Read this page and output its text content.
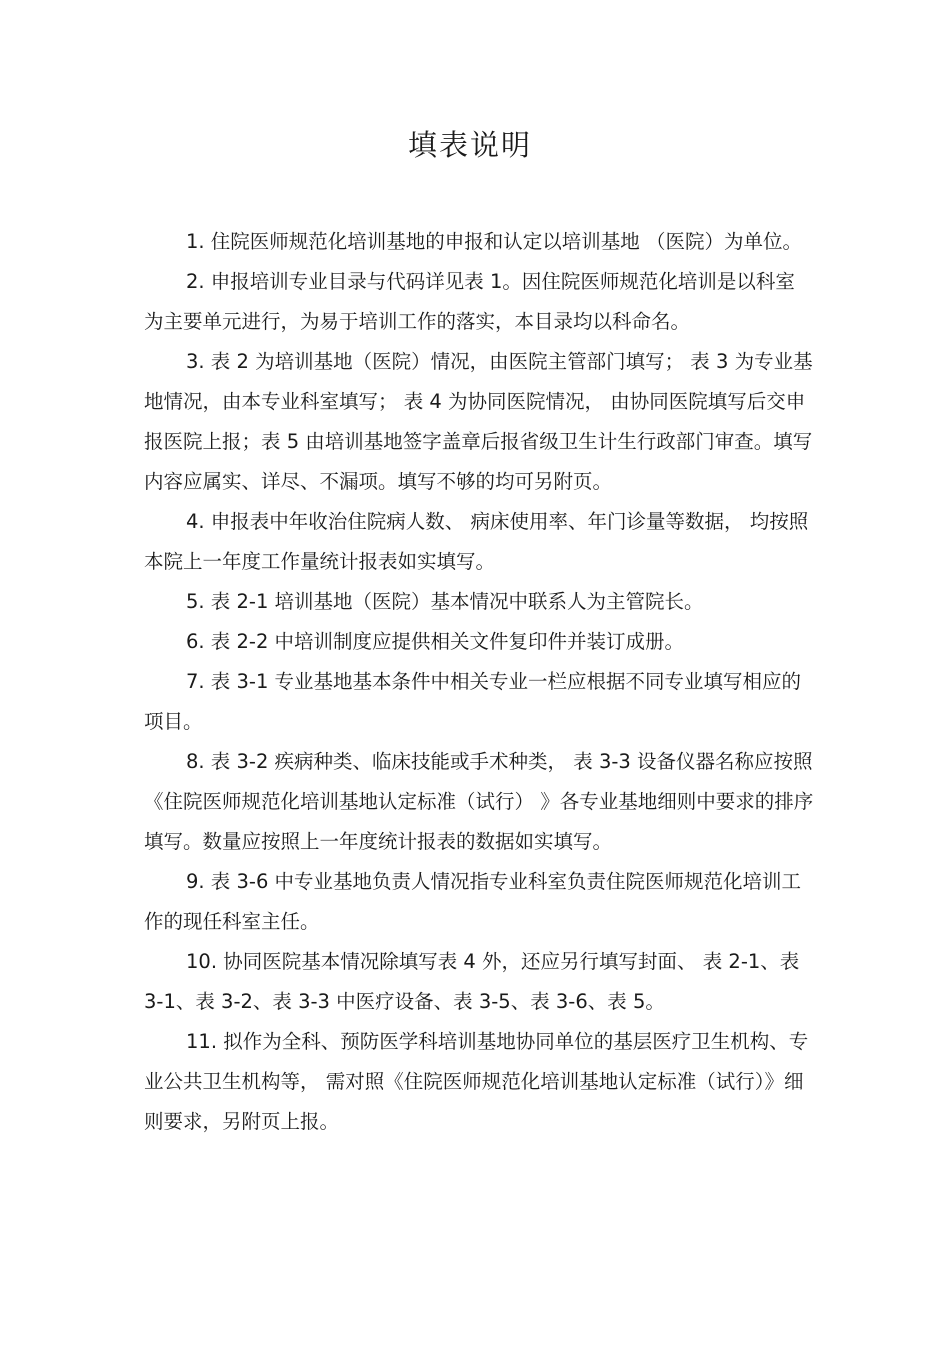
填表说明

1. 住院医师规范化培训基地的申报和认定以培训基地 （医院）为单位。

2. 申报培训专业目录与代码详见表 1。因住院医师规范化培训是以科室为主要单元进行，为易于培训工作的落实，本目录均以科命名。

3. 表 2 为培训基地（医院）情况，由医院主管部门填写； 表 3 为专业基地情况，由本专业科室填写； 表 4 为协同医院情况， 由协同医院填写后交申报医院上报；表 5 由培训基地签字盖章后报省级卫生计生行政部门审查。填写内容应属实、详尽、不漏项。填写不够的均可另附页。

4. 申报表中年收治住院病人数、 病床使用率、年门诊量等数据， 均按照本院上一年度工作量统计报表如实填写。

5. 表 2-1 培训基地（医院）基本情况中联系人为主管院长。

6. 表 2-2 中培训制度应提供相关文件复印件并装订成册。

7. 表 3-1 专业基地基本条件中相关专业一栏应根据不同专业填写相应的项目。

8. 表 3-2 疾病种类、临床技能或手术种类， 表 3-3 设备仪器名称应按照《住院医师规范化培训基地认定标准（试行） 》各专业基地细则中要求的排序填写。数量应按照上一年度统计报表的数据如实填写。

9. 表 3-6 中专业基地负责人情况指专业科室负责住院医师规范化培训工作的现任科室主任。

10. 协同医院基本情况除填写表 4 外，还应另行填写封面、 表 2-1、表 3-1、表 3-2、表 3-3 中医疗设备、表 3-5、表 3-6、表 5。

11. 拟作为全科、预防医学科培训基地协同单位的基层医疗卫生机构、专业公共卫生机构等， 需对照《住院医师规范化培训基地认定标准（试行）》细则要求，另附页上报。
